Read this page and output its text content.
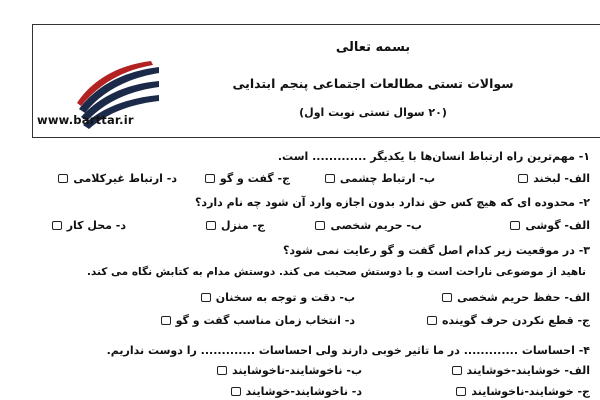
www.barttar.ir
بسمه تعالی
سوالات تستی مطالعات اجتماعی پنجم ابتدایی
(۲۰ سوال تستی نوبت اول)
۱- مهم‌ترین راه ارتباط انسان‌ها با یکدیگر ............. است.
الف- لبخند
ب- ارتباط چشمی
ج- گفت و گو
د- ارتباط غیرکلامی
۲- محدوده ای که هیچ کس حق ندارد بدون اجازه وارد آن شود چه نام دارد؟
الف- گوشی
ب- حریم شخصی
ج- منزل
د- محل کار
۳- در موقعیت زیر کدام اصل گفت و گو رعایت نمی شود؟
ناهید از موضوعی ناراحت است و با دوستش صحبت می کند. دوستش مدام به کتابش نگاه می کند.
الف- حفظ حریم شخصی
ب- دقت و توجه به سخنان
ج- قطع نکردن حرف گوینده
د- انتخاب زمان مناسب گفت و گو
۴- احساسات ............. در ما تاثیر خوبی دارند ولی احساسات ............. را دوست نداریم.
الف- خوشایند-خوشایند
ب- ناخوشایند-ناخوشایند
ج- خوشایند-ناخوشایند
د- ناخوشایند-خوشایند
